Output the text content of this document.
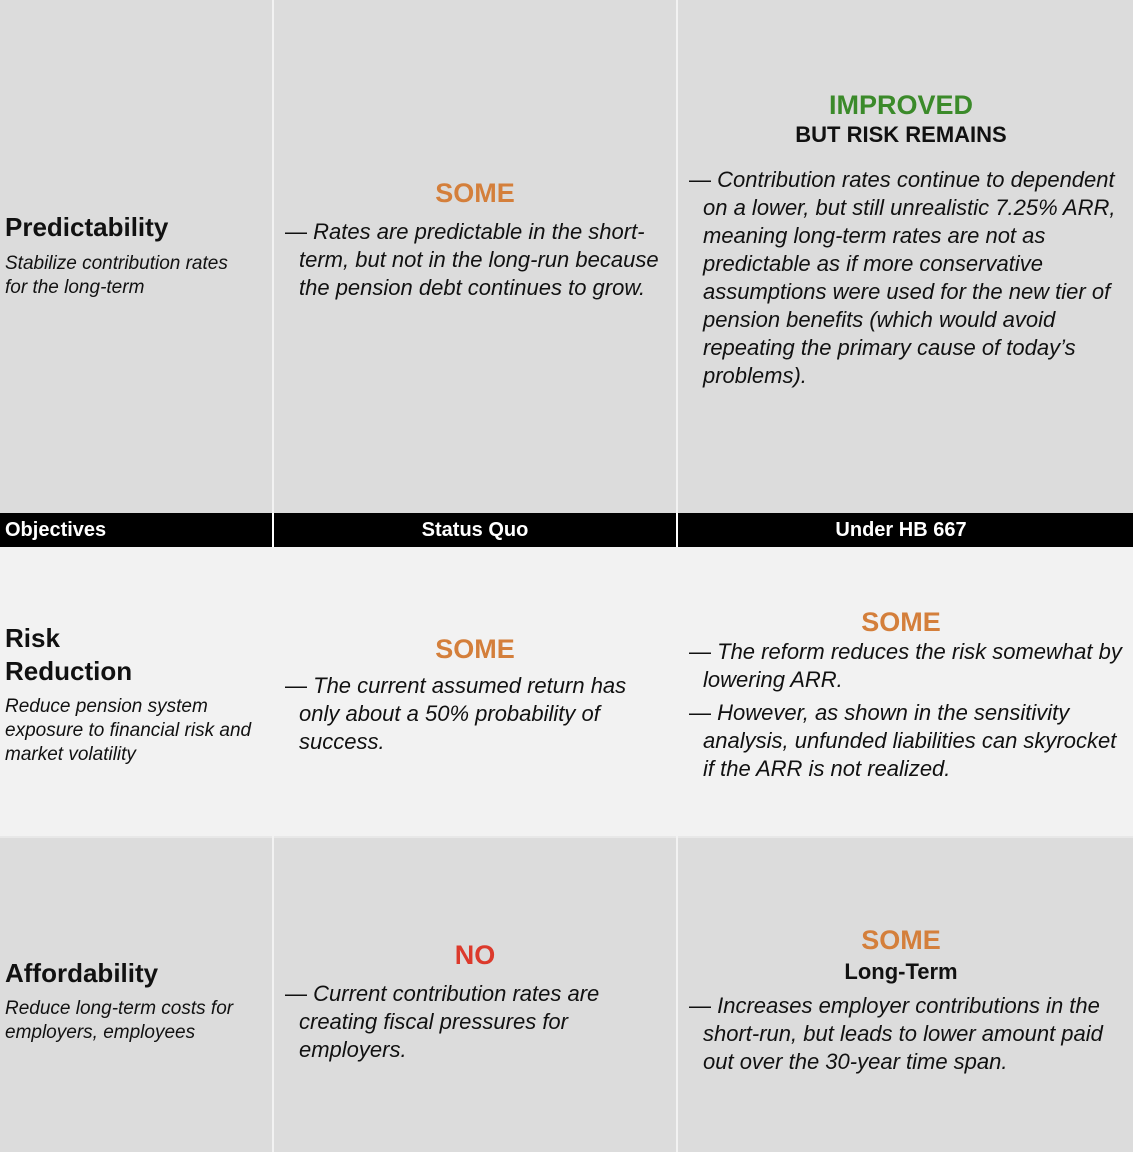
Objectives	Status Quo	Under HB 667
Predictability
Stabilize contribution rates for the long-term
SOME
— Rates are predictable in the short-term, but not in the long-run because the pension debt continues to grow.
IMPROVED
BUT RISK REMAINS
— Contribution rates continue to dependent on a lower, but still unrealistic 7.25% ARR, meaning long-term rates are not as predictable as if more conservative assumptions were used for the new tier of pension benefits (which would avoid repeating the primary cause of today’s problems).
Risk
Reduction
Reduce pension system exposure to financial risk and market volatility
SOME
— The current assumed return has only about a 50% probability of success.
SOME
— The reform reduces the risk somewhat by lowering ARR.
— However, as shown in the sensitivity analysis, unfunded liabilities can skyrocket if the ARR is not realized.
Affordability
Reduce long-term costs for employers, employees
NO
— Current contribution rates are creating fiscal pressures for employers.
SOME
Long-Term
— Increases employer contributions in the short-run, but leads to lower amount paid out over the 30-year time span.
